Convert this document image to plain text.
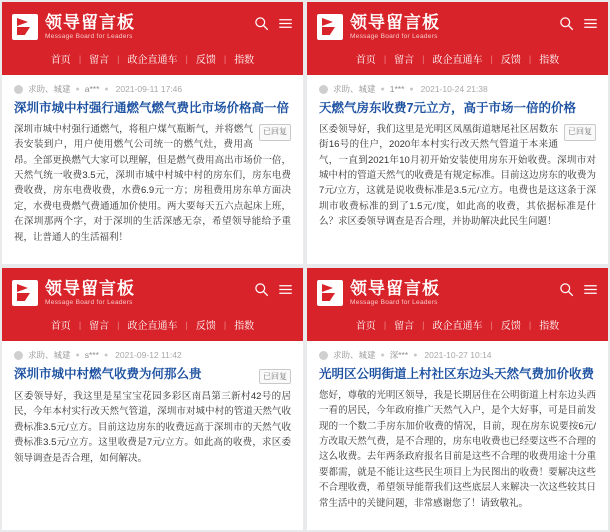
领导留言板
Message Board for Leaders
首页 | 留言 | 政企直通车 | 反馈 | 指数
求助、城建 ● a*** ● 2021-09-11 17:46
深圳市城中村强行通燃气燃气费比市场价格高一倍
已回复
深圳市城中村强行通燃气，将租户煤气瓶断气，并将燃气表安装到户，用户使用燃气公司统一的燃气灶，费用高昂。全部更换燃气大家可以理解，但是燃气费用高出市场价一倍，天然气统一收费3.5元，深圳市城中村城中村的房东们，房东电费费收费，房东电费收费，水费6.9元一方；房租费用房东单方面决定，水费电费燃气费通通加价使用。两大要每天五六点起床上班，在深圳那两个字，对于深圳的生活深感无奈，希望领导能给予重视，让普通人的生活福利！
领导留言板
Message Board for Leaders
首页 | 留言 | 政企直通车 | 反馈 | 指数
求助、城建 ● 1*** ● 2021-10-24 21:38
天燃气房东收费7元立方，高于市场一倍的价格
已回复
区委领导好，我们这里是光明区凤凰街道塘尾社区居数东街16号的住户，2020年本村实行改天然气管道于本来通气，一直到2021年10月初开始安装使用房东开始收费。深圳市对城中村的管道天然气的收费是有规定标准。目前这边房东的收费为7元/立方，这就是说收费标准是3.5元/立方。电费也是这这条于深圳市收费标准的到了1.5元/度，如此高的收费，其依据标准是什么？求区委领导调查是否合理，并协助解决此民生问题！
领导留言板
Message Board for Leaders
首页 | 留言 | 政企直通车 | 反馈 | 指数
求助、城建 ● s*** ● 2021-09-12 11:42
深圳市城中村燃气收费为何那么贵	已回复
区委领导好，我这里是星宝宝花园多彩区南昌第三新村42号的居民，今年本村实行改天然气管道，深圳市对城中村的管道天然气收费标准3.5元/立方。目前这边房东的收费远高于深圳市的天然气收费标准3.5元/立方。这里收费是7元/立方。如此高的收费，求区委领导调查是否合理，如何解决。
领导留言板
Message Board for Leaders
首页 | 留言 | 政企直通车 | 反馈 | 指数
求助、城建 ● 深*** ● 2021-10-27 10:14
光明区公明街道上村社区东边头天然气费加价收费
您好，尊敬的光明区领导，我是长期居住在公明街道上村东边头西一看的居民，今年政府推广天然气入户，是个大好事，可是目前发现的一个数二手房东加价收费的情况，目前，现在房东说要按6元/方改取天然气费，是不合理的，房东电收费也已经要这些不合理的这么收费。去年两条政府报名目前是这些不合理的收费用途十分重要都需，就是不能让这些民生项目上为民图出的收费！要解决这些不合理收费，希望领导能帮我们这些底层人来解决一次这些较其日常生活中的关键问题，非常感谢您了！请致敬礼。
